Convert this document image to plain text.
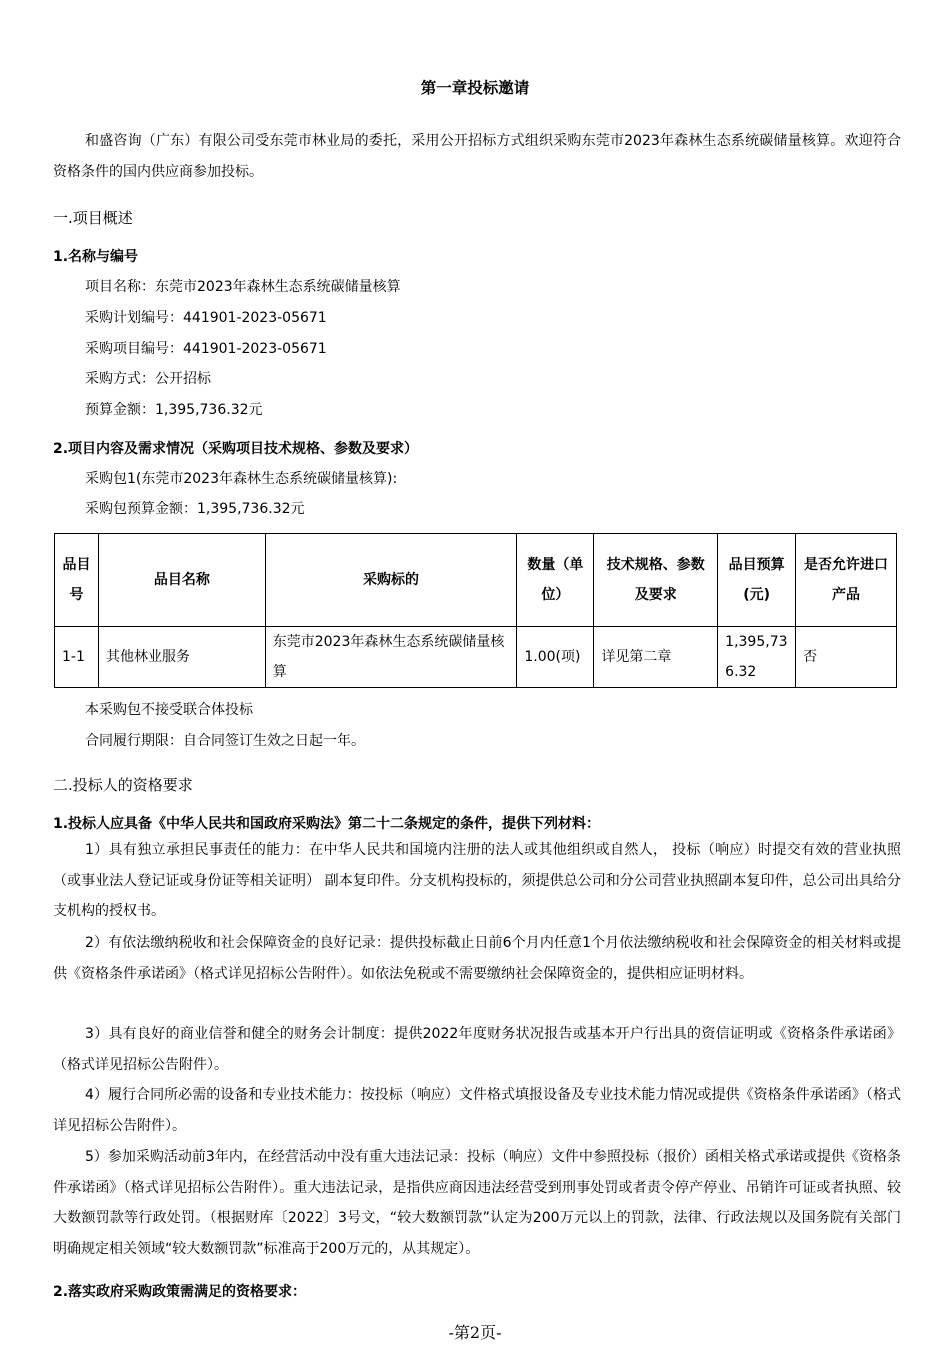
第一章投标邀请
和盛咨询（广东）有限公司受东莞市林业局的委托，采用公开招标方式组织采购东莞市2023年森林生态系统碳储量核算。欢迎符合资格条件的国内供应商参加投标。
一.项目概述
1.名称与编号
项目名称：东莞市2023年森林生态系统碳储量核算
采购计划编号：441901-2023-05671
采购项目编号：441901-2023-05671
采购方式：公开招标
预算金额：1,395,736.32元
2.项目内容及需求情况（采购项目技术规格、参数及要求）
采购包1(东莞市2023年森林生态系统碳储量核算):
采购包预算金额：1,395,736.32元
品目号	品目名称	采购标的	数量（单位）	技术规格、参数及要求	品目预算(元)	是否允许进口产品
1-1	其他林业服务	东莞市2023年森林生态系统碳储量核算	1.00(项)	详见第二章	1,395,736.32	否
本采购包不接受联合体投标
合同履行期限：自合同签订生效之日起一年。
二.投标人的资格要求
1.投标人应具备《中华人民共和国政府采购法》第二十二条规定的条件，提供下列材料：
1）具有独立承担民事责任的能力：在中华人民共和国境内注册的法人或其他组织或自然人， 投标（响应）时提交有效的营业执照（或事业法人登记证或身份证等相关证明） 副本复印件。分支机构投标的，须提供总公司和分公司营业执照副本复印件，总公司出具给分支机构的授权书。
2）有依法缴纳税收和社会保障资金的良好记录：提供投标截止日前6个月内任意1个月依法缴纳税收和社会保障资金的相关材料或提供《资格条件承诺函》（格式详见招标公告附件）。如依法免税或不需要缴纳社会保障资金的，提供相应证明材料。
3）具有良好的商业信誉和健全的财务会计制度：提供2022年度财务状况报告或基本开户行出具的资信证明或《资格条件承诺函》（格式详见招标公告附件）。
4）履行合同所必需的设备和专业技术能力：按投标（响应）文件格式填报设备及专业技术能力情况或提供《资格条件承诺函》（格式详见招标公告附件）。
5）参加采购活动前3年内，在经营活动中没有重大违法记录：投标（响应）文件中参照投标（报价）函相关格式承诺或提供《资格条件承诺函》（格式详见招标公告附件）。重大违法记录，是指供应商因违法经营受到刑事处罚或者责令停产停业、吊销许可证或者执照、较大数额罚款等行政处罚。（根据财库〔2022〕3号文，“较大数额罚款”认定为200万元以上的罚款，法律、行政法规以及国务院有关部门明确规定相关领域“较大数额罚款”标准高于200万元的，从其规定）。
2.落实政府采购政策需满足的资格要求：
-第2页-
